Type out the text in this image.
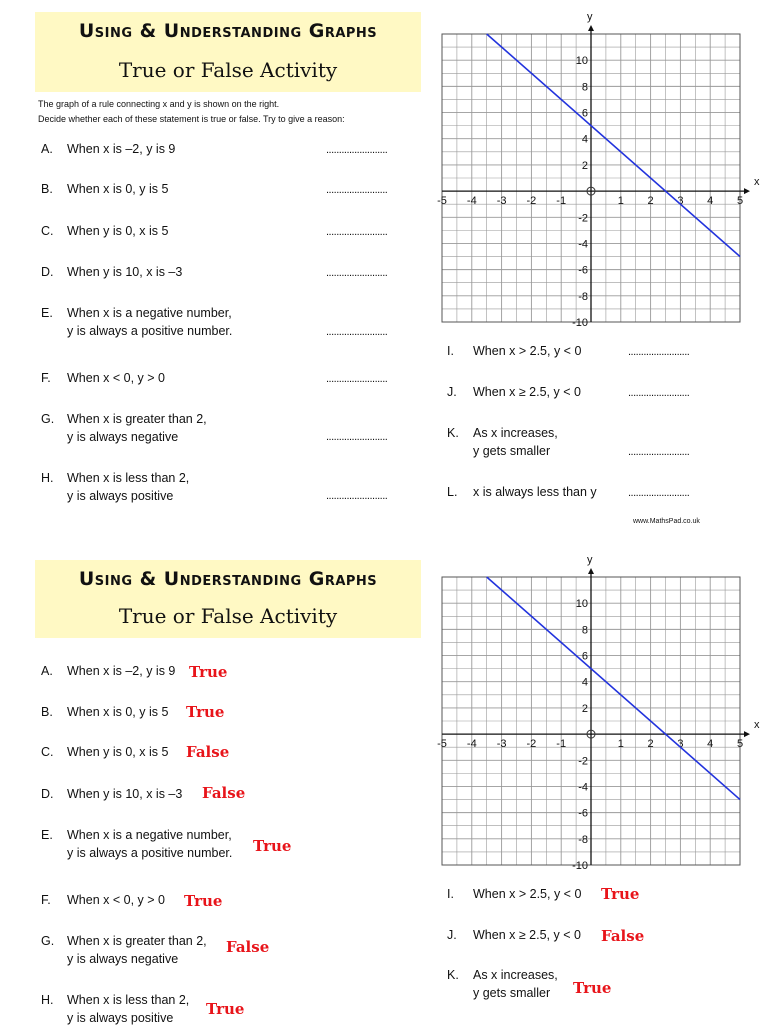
Using & Understanding Graphs
True or False Activity
The graph of a rule connecting x and y is shown on the right.
Decide whether each of these statement is true or false. Try to give a reason:
A. When x is –2, y is 9	........................
B. When x is 0, y is 5	........................
C. When y is 0, x is 5	........................
D. When y is 10, x is –3	........................
E. When x is a negative number,
y is always a positive number.	........................
F. When x < 0, y > 0	........................
G. When x is greater than 2,
y is always negative	........................
H. When x is less than 2,
y is always positive	........................
I. When x > 2.5, y < 0	........................
J. When x ≥ 2.5, y < 0	........................
K. As x increases,
y gets smaller	........................
L. x is always less than y	........................
www.MathsPad.co.uk
x
y
-5 -4 -3 -2 -1	1 2 3 4 5
10
8
6
4
2
-2
-4
-6
-8
-10
Using & Understanding Graphs
True or False Activity
A. When x is –2, y is 9 True
B. When x is 0, y is 5 True
C. When y is 0, x is 5 False
D. When y is 10, x is –3 False
E. When x is a negative number,
y is always a positive number. True
F. When x < 0, y > 0 True
G. When x is greater than 2,
y is always negative
False
H. When x is less than 2,
y is always positive	True
I. When x > 2.5, y < 0 True
J. When x ≥ 2.5, y < 0 False
K. As x increases,
y gets smaller	True
x
y
-5 -4 -3 -2 -1	1 2 3 4 5
10
8
6
4
2
-2
-4
-6
-8
-10
